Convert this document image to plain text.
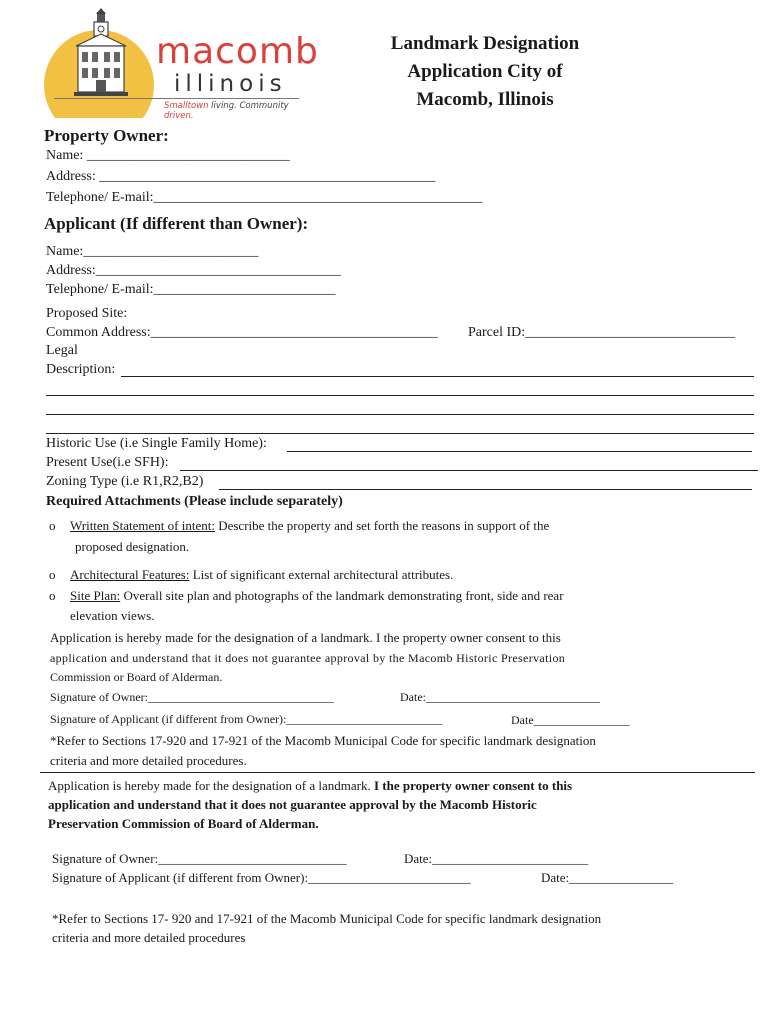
macomb
illinois
Smalltown living. Community driven.
Landmark Designation
Application City of
Macomb, Illinois
Property Owner:
Name: _____________________________
Address: ________________________________________________
Telephone/ E-mail:_______________________________________________
Applicant (If different than Owner):
Name:_________________________
Address:___________________________________
Telephone/ E-mail:__________________________
Proposed Site:
Common Address:_________________________________________ Parcel ID:______________________________
Legal
Description:
Historic Use (i.e Single Family Home):
Present Use(i.e SFH):
Zoning Type (i.e R1,R2,B2)
Required Attachments (Please include separately)
o Written Statement of intent: Describe the property and set forth the reasons in support of the
proposed designation.
o Architectural Features: List of significant external architectural attributes.
o Site Plan: Overall site plan and photographs of the landmark demonstrating front, side and rear
elevation views.
Application is hereby made for the designation of a landmark. I the property owner consent to this
application and understand that it does not guarantee approval by the Macomb Historic Preservation
Commission or Board of Alderman.
Signature of Owner:_______________________________	Date:_____________________________
Signature of Applicant (if different from Owner):__________________________	Date________________
*Refer to Sections 17-920 and 17-921 of the Macomb Municipal Code for specific landmark designation
criteria and more detailed procedures.
Application is hereby made for the designation of a landmark. I the property owner consent to this
application and understand that it does not guarantee approval by the Macomb Historic
Preservation Commission of Board of Alderman.
Signature of Owner:_____________________________	Date:________________________
Signature of Applicant (if different from Owner):_________________________	Date:________________
*Refer to Sections 17- 920 and 17-921 of the Macomb Municipal Code for specific landmark designation
criteria and more detailed procedures
